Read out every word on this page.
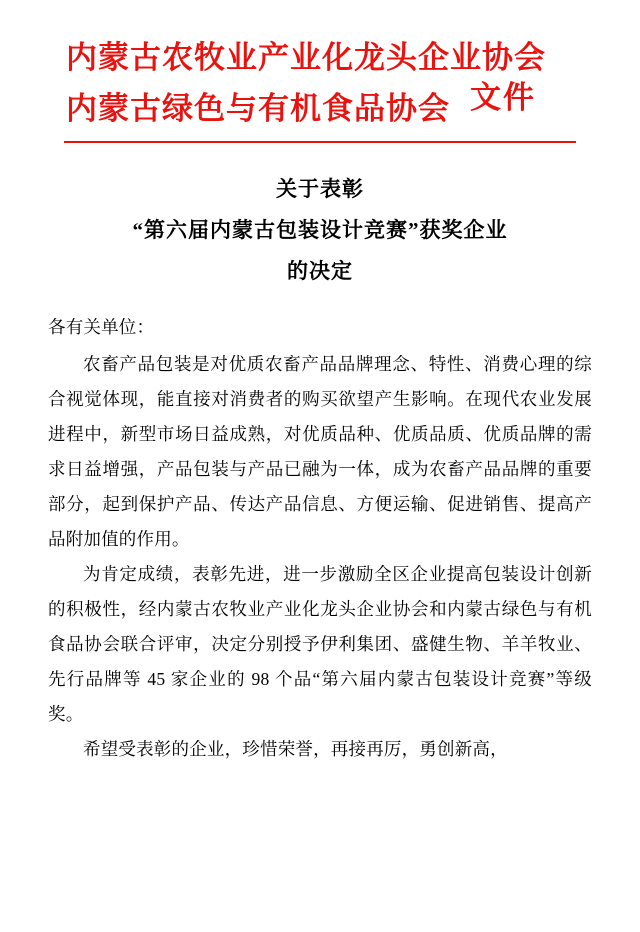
内蒙古农牧业产业化龙头企业协会
内蒙古绿色与有机食品协会 文件
关于表彰
“第六届内蒙古包装设计竞赛”获奖企业
的决定

各有关单位：

农畜产品包装是对优质农畜产品品牌理念、特性、消费心理的综合视觉体现，能直接对消费者的购买欲望产生影响。在现代农业发展进程中，新型市场日益成熟，对优质品种、优质品质、优质品牌的需求日益增强，产品包装与产品已融为一体，成为农畜产品品牌的重要部分，起到保护产品、传达产品信息、方便运输、促进销售、提高产品附加值的作用。

为肯定成绩，表彰先进，进一步激励全区企业提高包装设计创新的积极性，经内蒙古农牧业产业化龙头企业协会和内蒙古绿色与有机食品协会联合评审，决定分别授予伊利集团、盛健生物、羊羊牧业、先行品牌等 45 家企业的 98 个品“第六届内蒙古包装设计竞赛”等级奖。

希望受表彰的企业，珍惜荣誉，再接再厉，勇创新高，
